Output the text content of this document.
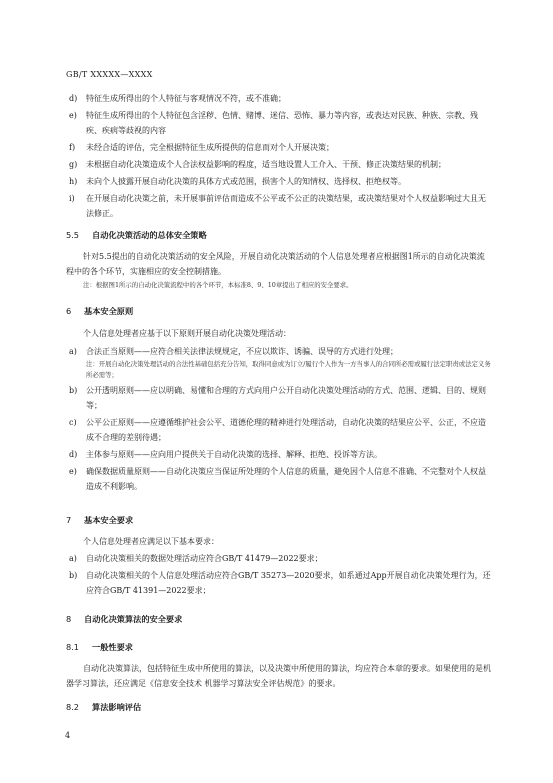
GB/T XXXXX—XXXX
d) 特征生成所得出的个人特征与客观情况不符，或不准确；
e) 特征生成所得出的个人特征包含淫秽、色情、赌博、迷信、恐怖、暴力等内容，或表达对民族、种族、宗教、残疾、疾病等歧视的内容
f) 未经合适的评估，完全根据特征生成所提供的信息而对个人开展决策；
g) 未根据自动化决策造成个人合法权益影响的程度，适当地设置人工介入、干预、修正决策结果的机制；
h) 未向个人披露开展自动化决策的具体方式或范围，损害个人的知情权、选择权、拒绝权等。
i) 在开展自动化决策之前，未开展事前评估而造成不公平或不公正的决策结果，或决策结果对个人权益影响过大且无法修正。
5.5 自动化决策活动的总体安全策略
针对5.5提出的自动化决策活动的安全风险，开展自动化决策活动的个人信息处理者应根据图1所示的自动化决策流程中的各个环节，实施相应的安全控制措施。
注：根据图1所示的自动化决策流程中的各个环节，本标准8、9、10章提出了相应的安全要求。
6 基本安全原则
个人信息处理者应基于以下原则开展自动化决策处理活动：
a) 合法正当原则——应符合相关法律法规规定，不应以欺诈、诱骗、误导的方式进行处理；
注：开展自动化决策处理活动的合法性基础包括充分告知，取得同意或为订立/履行个人作为一方当事人的合同所必需或履行法定职责或法定义务所必需等；
b) 公开透明原则——应以明确、易懂和合理的方式向用户公开自动化决策处理活动的方式、范围、逻辑、目的、规则等；
c) 公平公正原则——应遵循维护社会公平、道德伦理的精神进行处理活动，自动化决策的结果应公平、公正，不应造成不合理的差别待遇；
d) 主体参与原则——应向用户提供关于自动化决策的选择、解释、拒绝、投诉等方法。
e) 确保数据质量原则——自动化决策应当保证所处理的个人信息的质量，避免因个人信息不准确、不完整对个人权益造成不利影响。
7 基本安全要求
个人信息处理者应满足以下基本要求：
a) 自动化决策相关的数据处理活动应符合GB/T 41479—2022要求；
b) 自动化决策相关的个人信息处理活动应符合GB/T 35273—2020要求，如系通过App开展自动化决策处理行为，还应符合GB/T 41391—2022要求；
8 自动化决策算法的安全要求
8.1 一般性要求
自动化决策算法，包括特征生成中所使用的算法，以及决策中所使用的算法，均应符合本章的要求。如果使用的是机器学习算法，还应满足《信息安全技术 机器学习算法安全评估规范》的要求。
8.2 算法影响评估
4
